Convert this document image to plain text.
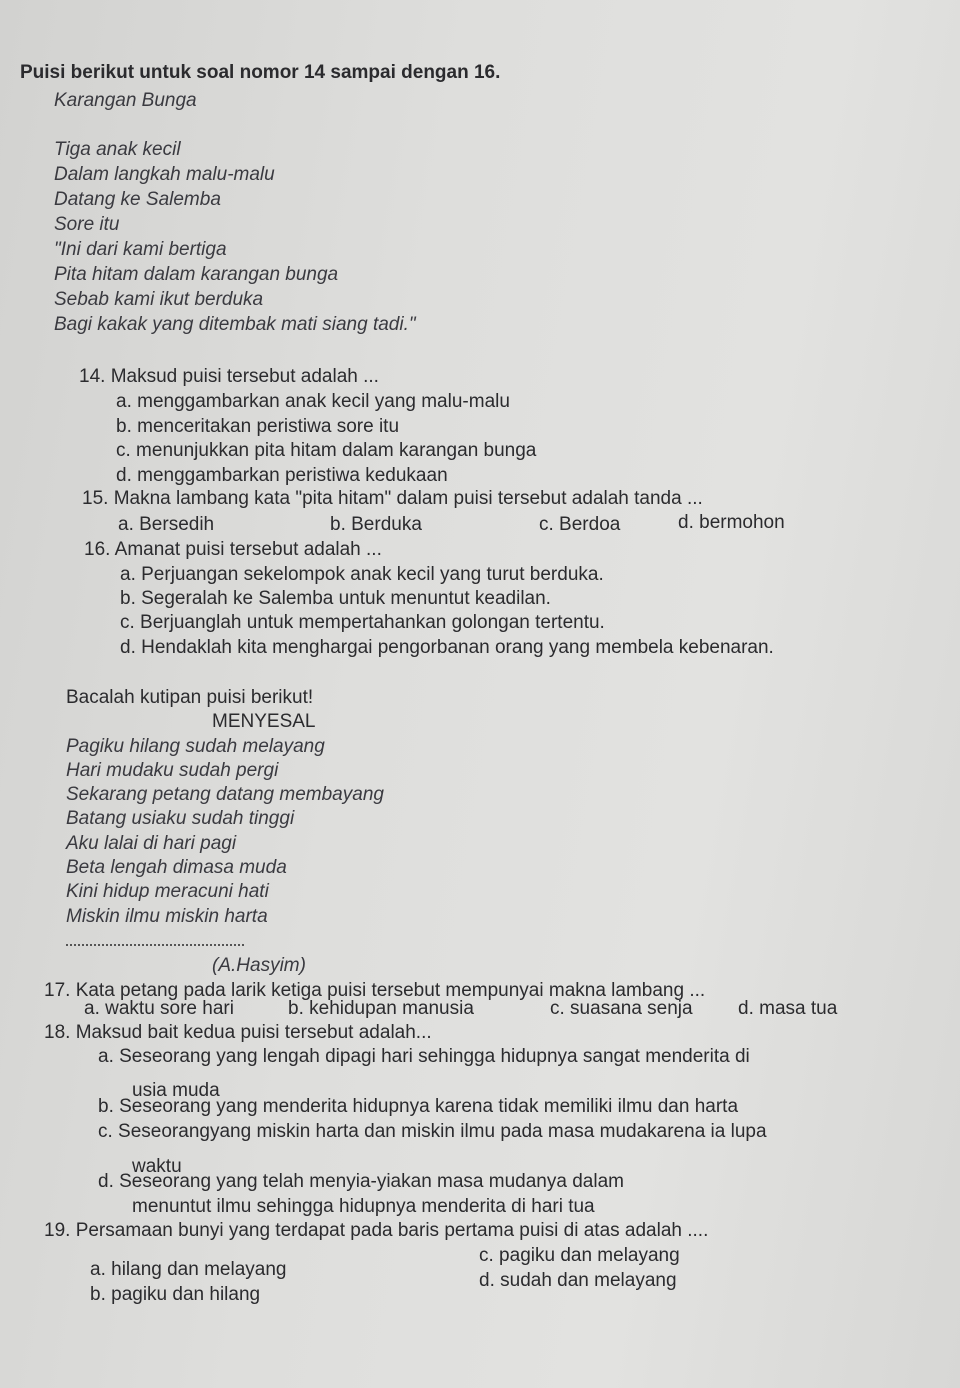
Puisi berikut untuk soal nomor 14 sampai dengan 16.
Karangan Bunga
Tiga anak kecil
Dalam langkah malu-malu
Datang ke Salemba
Sore itu
"Ini dari kami bertiga
Pita hitam dalam karangan bunga
Sebab kami ikut berduka
Bagi kakak yang ditembak mati siang tadi."
14. Maksud puisi tersebut adalah ...
a. menggambarkan anak kecil yang malu-malu
b. menceritakan peristiwa sore itu
c. menunjukkan pita hitam dalam karangan bunga
d. menggambarkan peristiwa kedukaan
15. Makna lambang kata "pita hitam" dalam puisi tersebut adalah tanda ...
a. Bersedih	b. Berduka	c. Berdoa	d. bermohon
16. Amanat puisi tersebut adalah ...
a. Perjuangan sekelompok anak kecil yang turut berduka.
b. Segeralah ke Salemba untuk menuntut keadilan.
c. Berjuanglah untuk mempertahankan golongan tertentu.
d. Hendaklah kita menghargai pengorbanan orang yang membela kebenaran.
Bacalah kutipan puisi berikut!
MENYESAL
Pagiku hilang sudah melayang
Hari mudaku sudah pergi
Sekarang petang datang membayang
Batang usiaku sudah tinggi
Aku lalai di hari pagi
Beta lengah dimasa muda
Kini hidup meracuni hati
Miskin ilmu miskin harta
(A.Hasyim)
17. Kata petang pada larik ketiga puisi tersebut mempunyai makna lambang ...
a. waktu sore hari	b. kehidupan manusia	c. suasana senja d. masa tua
18. Maksud bait kedua puisi tersebut adalah...
a. Seseorang yang lengah dipagi hari sehingga hidupnya sangat menderita di
usia muda
b. Seseorang yang menderita hidupnya karena tidak memiliki ilmu dan harta
c. Seseorangyang miskin harta dan miskin ilmu pada masa mudakarena ia lupa
waktu
d. Seseorang yang telah menyia-yiakan masa mudanya dalam
menuntut ilmu sehingga hidupnya menderita di hari tua
19. Persamaan bunyi yang terdapat pada baris pertama puisi di atas adalah ....
a. hilang dan melayang
b. pagiku dan hilang
c. pagiku dan melayang
d. sudah dan melayang
